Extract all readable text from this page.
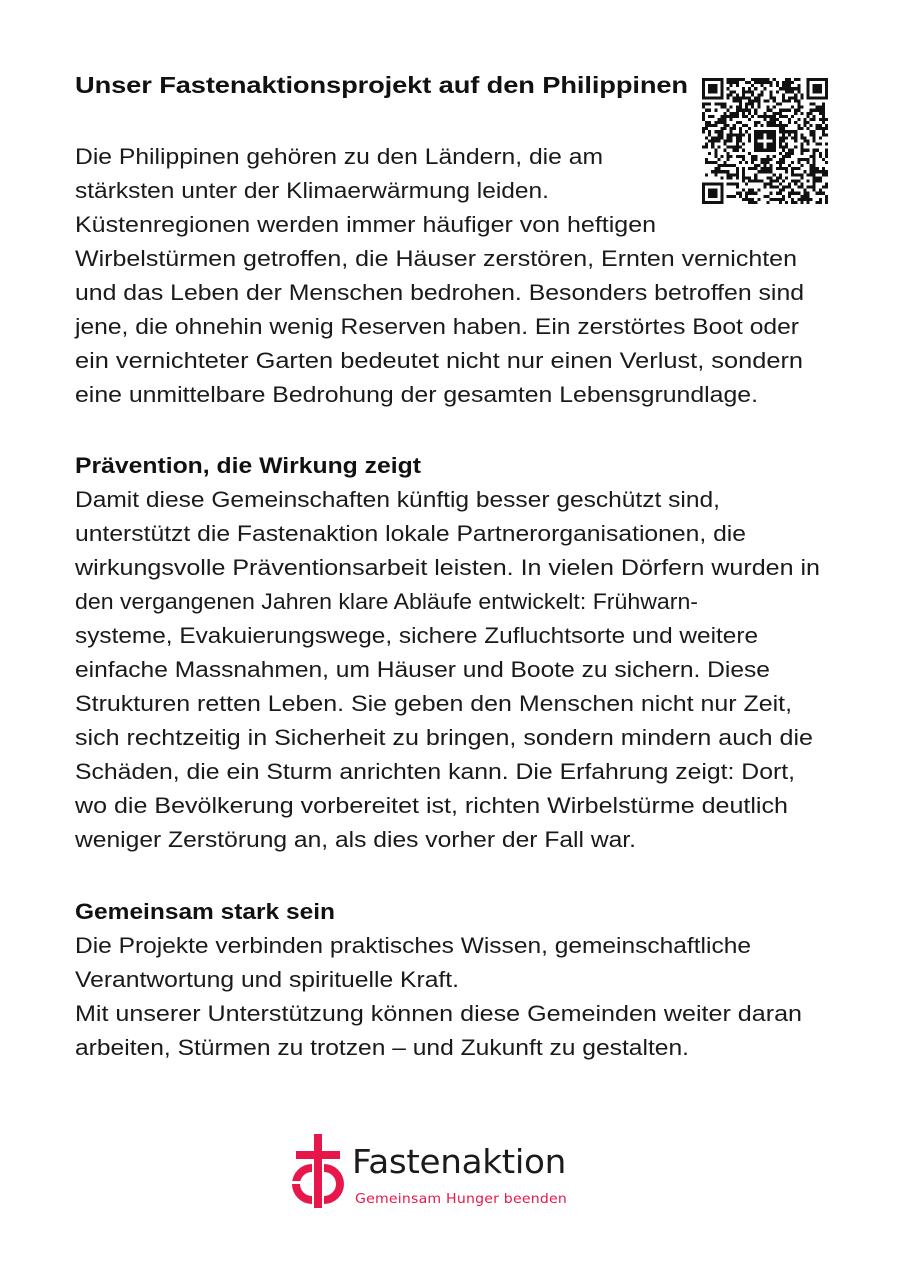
Unser Fastenaktionsprojekt auf den Philippinen
Die Philippinen gehören zu den Ländern, die am
stärksten unter der Klimaerwärmung leiden.
Küstenregionen werden immer häufiger von heftigen
Wirbelstürmen getroffen, die Häuser zerstören, Ernten vernichten
und das Leben der Menschen bedrohen. Besonders betroffen sind
jene, die ohnehin wenig Reserven haben. Ein zerstörtes Boot oder
ein vernichteter Garten bedeutet nicht nur einen Verlust, sondern
eine unmittelbare Bedrohung der gesamten Lebensgrundlage.
Prävention, die Wirkung zeigt
Damit diese Gemeinschaften künftig besser geschützt sind,
unterstützt die Fastenaktion lokale Partnerorganisationen, die
wirkungsvolle Präventionsarbeit leisten. In vielen Dörfern wurden in
den vergangenen Jahren klare Abläufe entwickelt: Frühwarn-
systeme, Evakuierungswege, sichere Zufluchtsorte und weitere
einfache Massnahmen, um Häuser und Boote zu sichern. Diese
Strukturen retten Leben. Sie geben den Menschen nicht nur Zeit,
sich rechtzeitig in Sicherheit zu bringen, sondern mindern auch die
Schäden, die ein Sturm anrichten kann. Die Erfahrung zeigt: Dort,
wo die Bevölkerung vorbereitet ist, richten Wirbelstürme deutlich
weniger Zerstörung an, als dies vorher der Fall war.
Gemeinsam stark sein
Die Projekte verbinden praktisches Wissen, gemeinschaftliche
Verantwortung und spirituelle Kraft.
Mit unserer Unterstützung können diese Gemeinden weiter daran
arbeiten, Stürmen zu trotzen – und Zukunft zu gestalten.
Fastenaktion
Gemeinsam Hunger beenden
